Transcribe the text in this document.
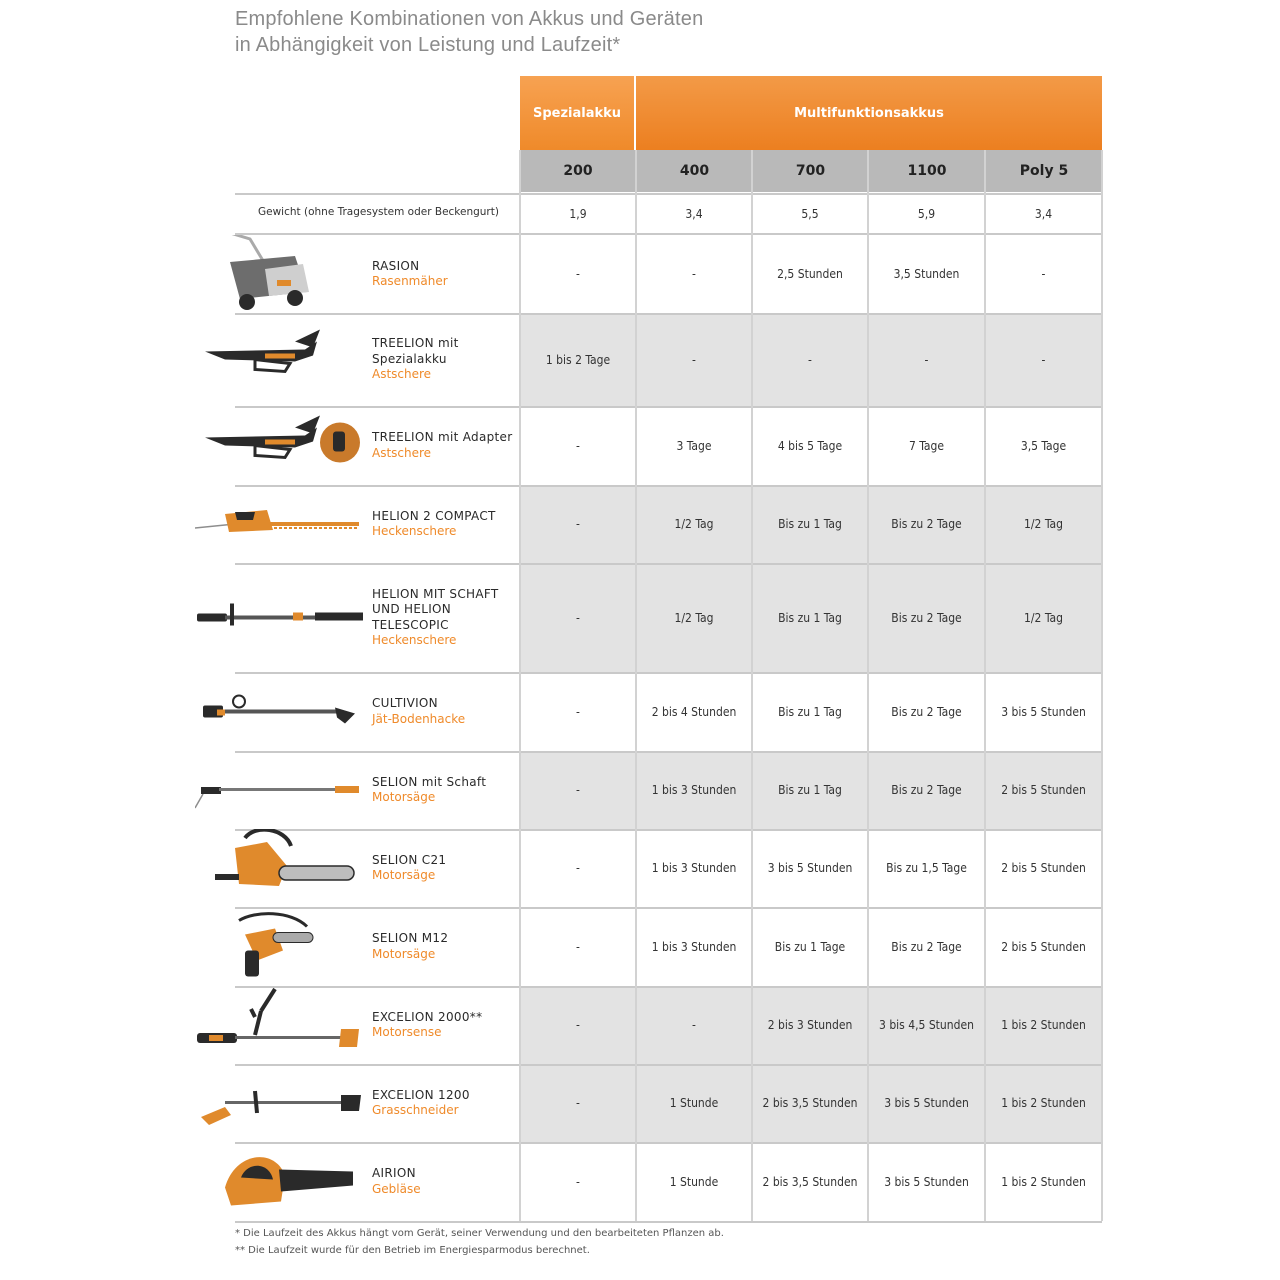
Empfohlene Kombinationen von Akkus und Geräten
in Abhängigkeit von Leistung und Laufzeit*
Spezialakku	Multifunktionsakkus
200	400	700	1100	Poly 5
Gewicht (ohne Tragesystem oder Beckengurt)	1,9	3,4	5,5	5,9	3,4
RASION
Rasenmäher	-	-	2,5 Stunden	3,5 Stunden	-
TREELION mit Spezialakku
Astschere
1 bis 2 Tage	-	-	-	-
TREELION mit Adapter
Astschere	-	3 Tage	4 bis 5 Tage	7 Tage	3,5 Tage
HELION 2 COMPACT
Heckenschere	-	1/2 Tag	Bis zu 1 Tag	Bis zu 2 Tage	1/2 Tag
HELION MIT SCHAFT UND HELION TELESCOPIC
Heckenschere
-	1/2 Tag	Bis zu 1 Tag	Bis zu 2 Tage	1/2 Tag
CULTIVION
Jät-Bodenhacke	-	2 bis 4 Stunden	Bis zu 1 Tag	Bis zu 2 Tage	3 bis 5 Stunden
SELION mit Schaft
Motorsäge	-	1 bis 3 Stunden	Bis zu 1 Tag	Bis zu 2 Tage	2 bis 5 Stunden
SELION C21
Motorsäge	-	1 bis 3 Stunden	3 bis 5 Stunden	Bis zu 1,5 Tage	2 bis 5 Stunden
SELION M12
Motorsäge	-	1 bis 3 Stunden	Bis zu 1 Tage	Bis zu 2 Tage	2 bis 5 Stunden
EXCELION 2000**
Motorsense	-	-	2 bis 3 Stunden	3 bis 4,5 Stunden	1 bis 2 Stunden
EXCELION 1200
Grasschneider	-	1 Stunde	2 bis 3,5 Stunden	3 bis 5 Stunden	1 bis 2 Stunden
AIRION
Gebläse	-	1 Stunde	2 bis 3,5 Stunden	3 bis 5 Stunden	1 bis 2 Stunden
* Die Laufzeit des Akkus hängt vom Gerät, seiner Verwendung und den bearbeiteten Pflanzen ab.
** Die Laufzeit wurde für den Betrieb im Energiesparmodus berechnet.
